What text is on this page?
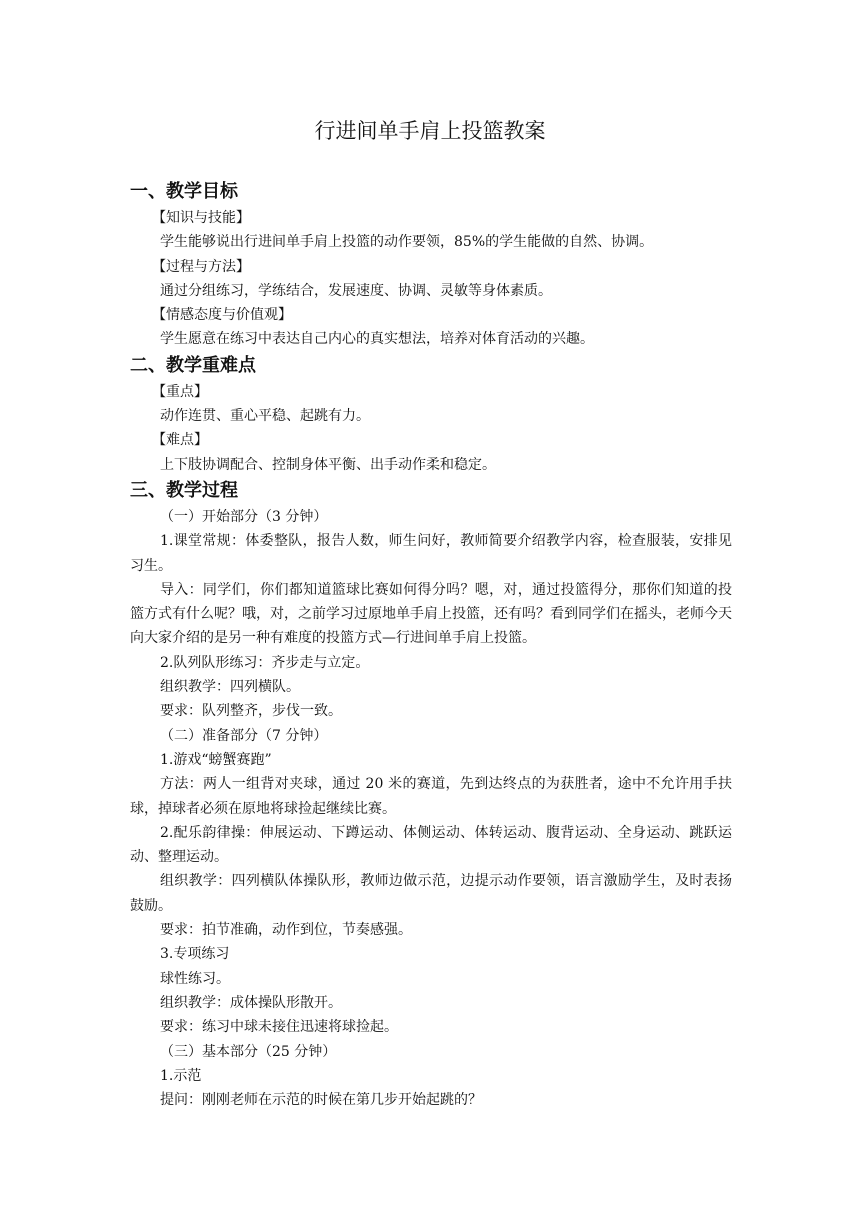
行进间单手肩上投篮教案
一、教学目标
【知识与技能】
学生能够说出行进间单手肩上投篮的动作要领，85%的学生能做的自然、协调。
【过程与方法】
通过分组练习，学练结合，发展速度、协调、灵敏等身体素质。
【情感态度与价值观】
学生愿意在练习中表达自己内心的真实想法，培养对体育活动的兴趣。
二、教学重难点
【重点】
动作连贯、重心平稳、起跳有力。
【难点】
上下肢协调配合、控制身体平衡、出手动作柔和稳定。
三、教学过程
（一）开始部分（3 分钟）
1.课堂常规：体委整队，报告人数，师生问好，教师简要介绍教学内容，检查服装，安排见习生。
导入：同学们，你们都知道篮球比赛如何得分吗？嗯，对，通过投篮得分，那你们知道的投篮方式有什么呢？哦，对，之前学习过原地单手肩上投篮，还有吗？看到同学们在摇头，老师今天向大家介绍的是另一种有难度的投篮方式—行进间单手肩上投篮。
2.队列队形练习：齐步走与立定。
组织教学：四列横队。
要求：队列整齐，步伐一致。
（二）准备部分（7 分钟）
1.游戏“螃蟹赛跑”
方法：两人一组背对夹球，通过 20 米的赛道，先到达终点的为获胜者，途中不允许用手扶球，掉球者必须在原地将球捡起继续比赛。
2.配乐韵律操：伸展运动、下蹲运动、体侧运动、体转运动、腹背运动、全身运动、跳跃运动、整理运动。
组织教学：四列横队体操队形，教师边做示范，边提示动作要领，语言激励学生，及时表扬鼓励。
要求：拍节准确，动作到位，节奏感强。
3.专项练习
球性练习。
组织教学：成体操队形散开。
要求：练习中球未接住迅速将球捡起。
（三）基本部分（25 分钟）
1.示范
提问：刚刚老师在示范的时候在第几步开始起跳的？
